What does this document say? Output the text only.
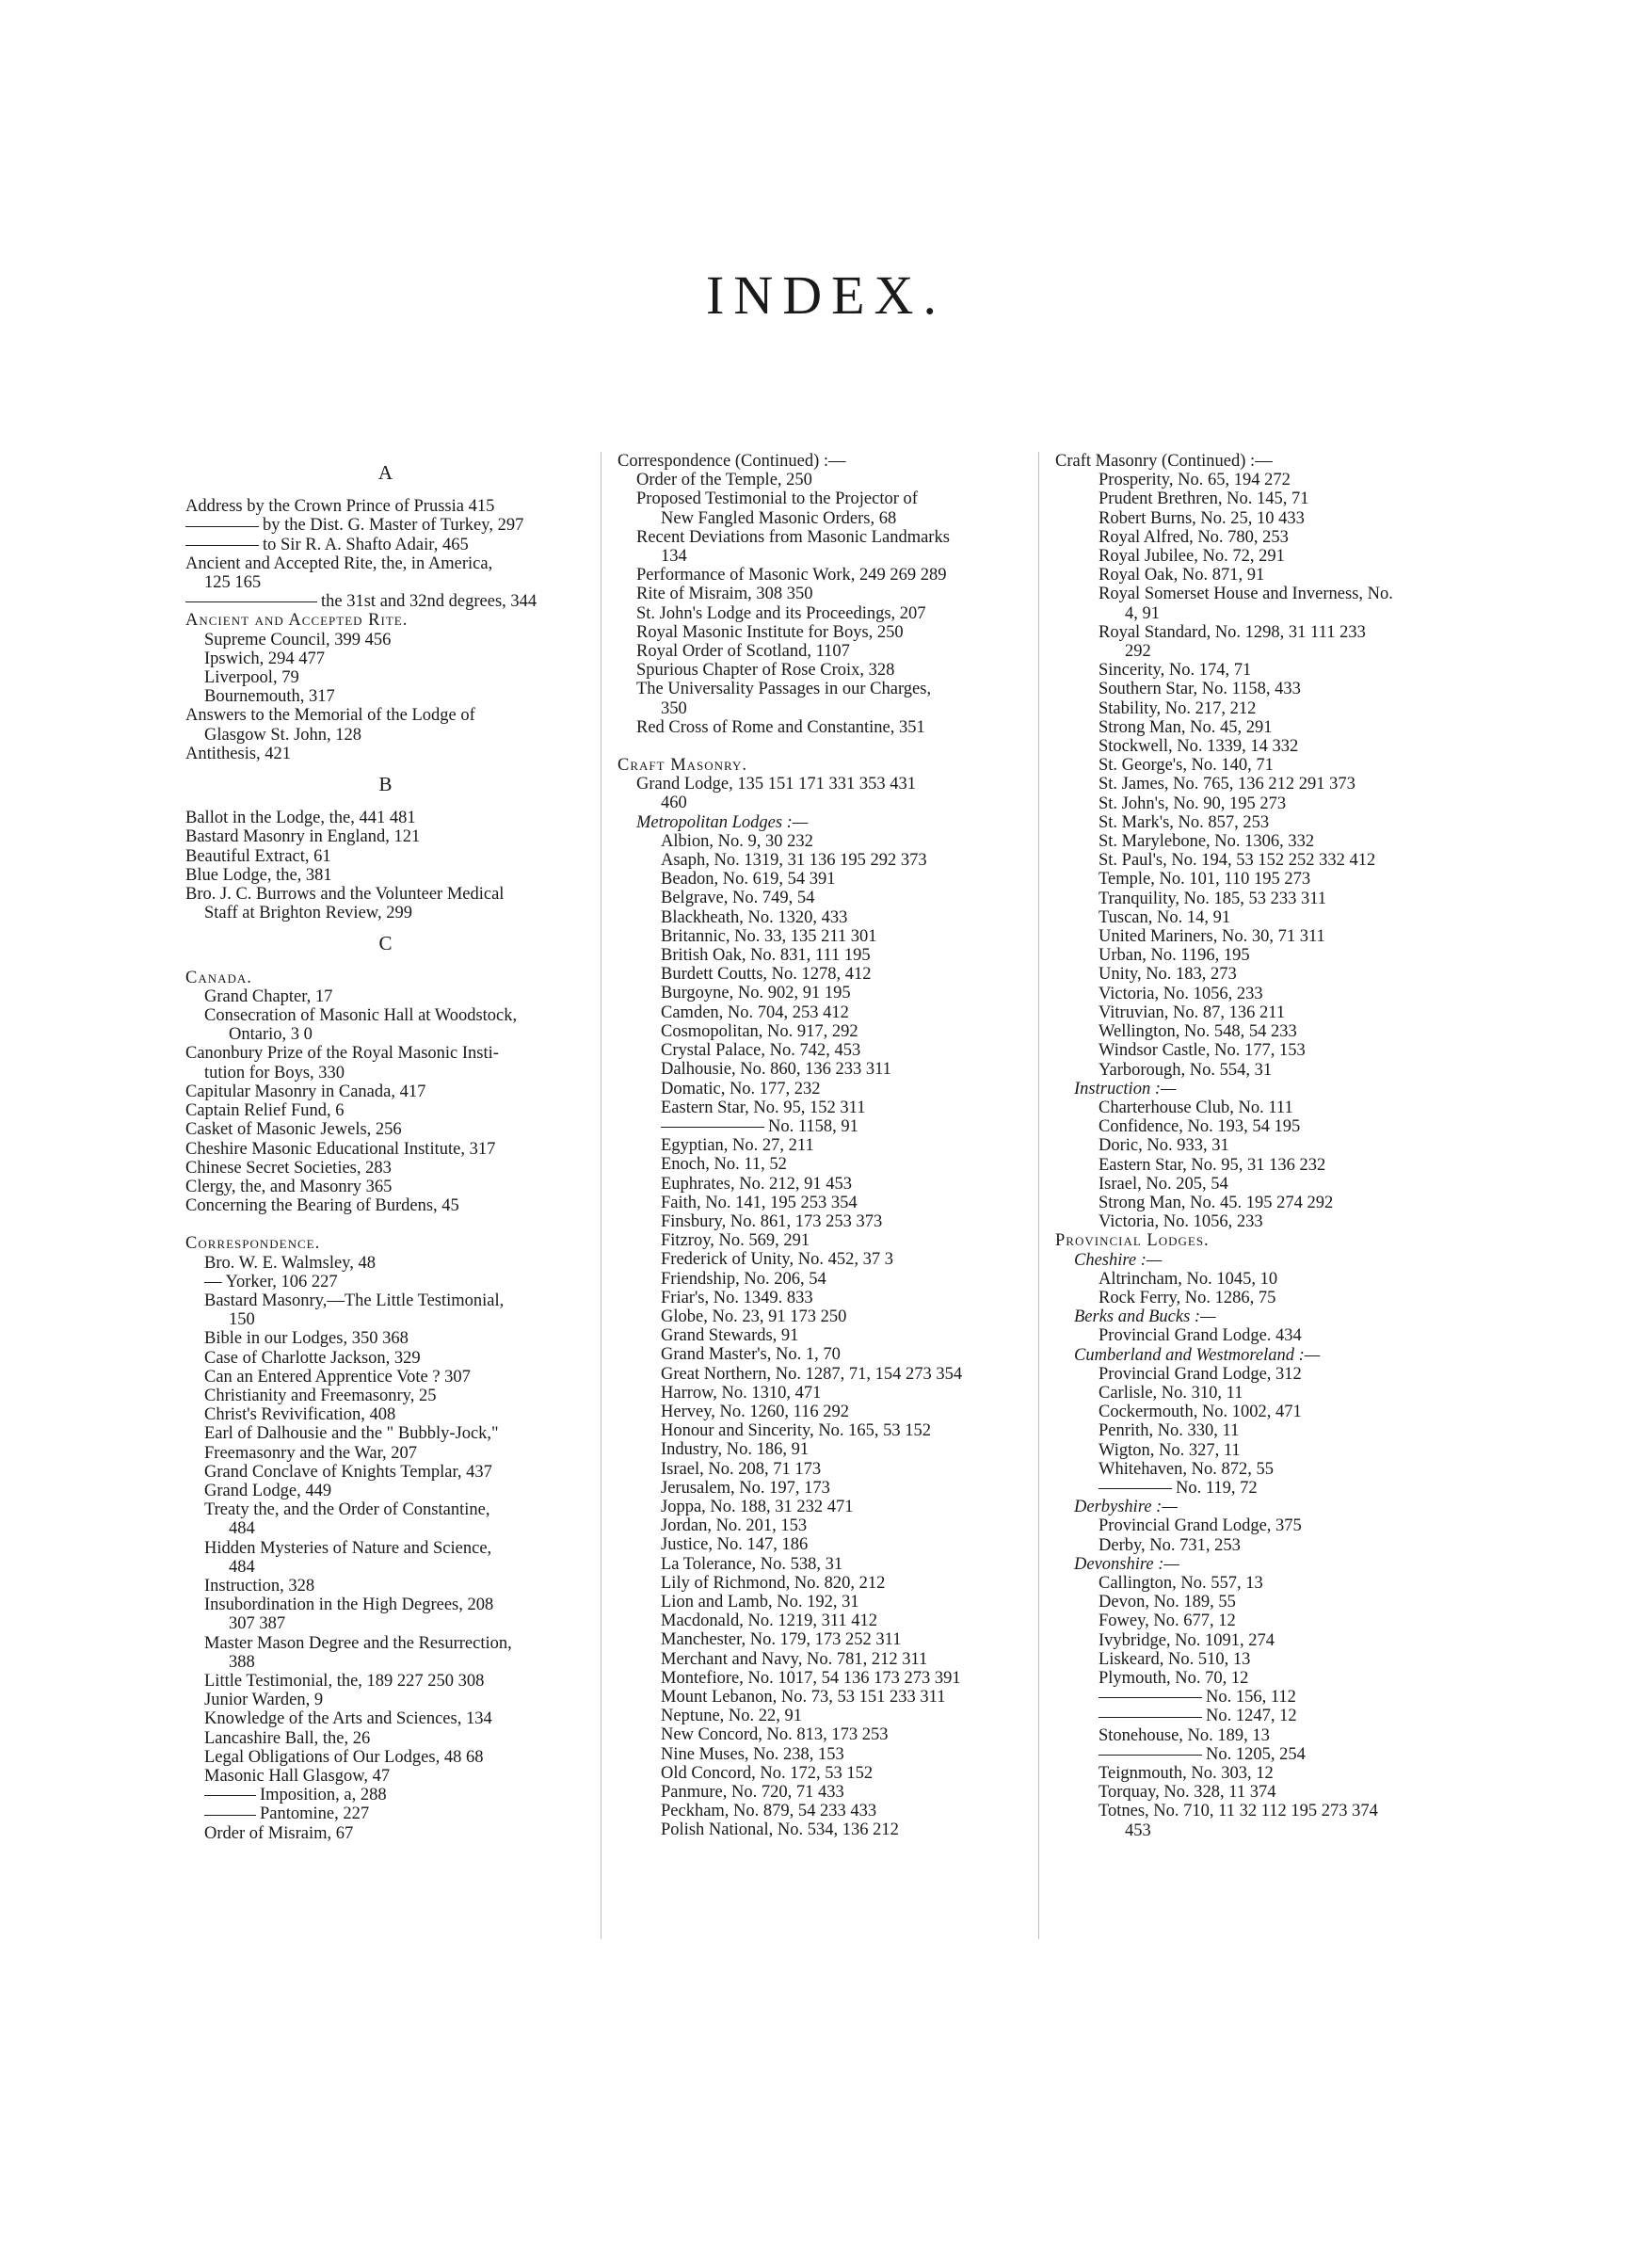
INDEX.
A
Address by the Crown Prince of Prussia 415
by the Dist. G. Master of Turkey, 297
to Sir R. A. Shafto Adair, 465
Ancient and Accepted Rite, the, in America,
125 165
the 31st and 32nd degrees, 344
Ancient and Accepted Rite.
Supreme Council, 399 456
Ipswich, 294 477
Liverpool, 79
Bournemouth, 317
Answers to the Memorial of the Lodge of
Glasgow St. John, 128
Antithesis, 421
B
Ballot in the Lodge, the, 441 481
Bastard Masonry in England, 121
Beautiful Extract, 61
Blue Lodge, the, 381
Bro. J. C. Burrows and the Volunteer Medical
Staff at Brighton Review, 299
C
Canada.
Grand Chapter, 17
Consecration of Masonic Hall at Woodstock,
Ontario, 3 0
Canonbury Prize of the Royal Masonic Insti-
tution for Boys, 330
Capitular Masonry in Canada, 417
Captain Relief Fund, 6
Casket of Masonic Jewels, 256
Cheshire Masonic Educational Institute, 317
Chinese Secret Societies, 283
Clergy, the, and Masonry 365
Concerning the Bearing of Burdens, 45
Correspondence.
Bro. W. E. Walmsley, 48
— Yorker, 106 227
Bastard Masonry,—The Little Testimonial,
150
Bible in our Lodges, 350 368
Case of Charlotte Jackson, 329
Can an Entered Apprentice Vote ? 307
Christianity and Freemasonry, 25
Christ's Revivification, 408
Earl of Dalhousie and the " Bubbly-Jock,"
Freemasonry and the War, 207
Grand Conclave of Knights Templar, 437
Grand Lodge, 449
Treaty the, and the Order of Constantine,
484
Hidden Mysteries of Nature and Science,
484
Instruction, 328
Insubordination in the High Degrees, 208
307 387
Master Mason Degree and the Resurrection,
388
Little Testimonial, the, 189 227 250 308
Junior Warden, 9
Knowledge of the Arts and Sciences, 134
Lancashire Ball, the, 26
Legal Obligations of Our Lodges, 48 68
Masonic Hall Glasgow, 47
Imposition, a, 288
Pantomine, 227
Order of Misraim, 67
Correspondence (Continued) :—
Order of the Temple, 250
Proposed Testimonial to the Projector of
New Fangled Masonic Orders, 68
Recent Deviations from Masonic Landmarks
134
Performance of Masonic Work, 249 269 289
Rite of Misraim, 308 350
St. John's Lodge and its Proceedings, 207
Royal Masonic Institute for Boys, 250
Royal Order of Scotland, 1107
Spurious Chapter of Rose Croix, 328
The Universality Passages in our Charges,
350
Red Cross of Rome and Constantine, 351
Craft Masonry.
Grand Lodge, 135 151 171 331 353 431
460
Metropolitan Lodges :—
Albion, No. 9, 30 232
Asaph, No. 1319, 31 136 195 292 373
Beadon, No. 619, 54 391
Belgrave, No. 749, 54
Blackheath, No. 1320, 433
Britannic, No. 33, 135 211 301
British Oak, No. 831, 111 195
Burdett Coutts, No. 1278, 412
Burgoyne, No. 902, 91 195
Camden, No. 704, 253 412
Cosmopolitan, No. 917, 292
Crystal Palace, No. 742, 453
Dalhousie, No. 860, 136 233 311
Domatic, No. 177, 232
Eastern Star, No. 95, 152 311
No. 1158, 91
Egyptian, No. 27, 211
Enoch, No. 11, 52
Euphrates, No. 212, 91 453
Faith, No. 141, 195 253 354
Finsbury, No. 861, 173 253 373
Fitzroy, No. 569, 291
Frederick of Unity, No. 452, 37 3
Friendship, No. 206, 54
Friar's, No. 1349. 833
Globe, No. 23, 91 173 250
Grand Stewards, 91
Grand Master's, No. 1, 70
Great Northern, No. 1287, 71, 154 273 354
Harrow, No. 1310, 471
Hervey, No. 1260, 116 292
Honour and Sincerity, No. 165, 53 152
Industry, No. 186, 91
Israel, No. 208, 71 173
Jerusalem, No. 197, 173
Joppa, No. 188, 31 232 471
Jordan, No. 201, 153
Justice, No. 147, 186
La Tolerance, No. 538, 31
Lily of Richmond, No. 820, 212
Lion and Lamb, No. 192, 31
Macdonald, No. 1219, 311 412
Manchester, No. 179, 173 252 311
Merchant and Navy, No. 781, 212 311
Montefiore, No. 1017, 54 136 173 273 391
Mount Lebanon, No. 73, 53 151 233 311
Neptune, No. 22, 91
New Concord, No. 813, 173 253
Nine Muses, No. 238, 153
Old Concord, No. 172, 53 152
Panmure, No. 720, 71 433
Peckham, No. 879, 54 233 433
Polish National, No. 534, 136 212
Craft Masonry (Continued) :—
Prosperity, No. 65, 194 272
Prudent Brethren, No. 145, 71
Robert Burns, No. 25, 10 433
Royal Alfred, No. 780, 253
Royal Jubilee, No. 72, 291
Royal Oak, No. 871, 91
Royal Somerset House and Inverness, No.
4, 91
Royal Standard, No. 1298, 31 111 233
292
Sincerity, No. 174, 71
Southern Star, No. 1158, 433
Stability, No. 217, 212
Strong Man, No. 45, 291
Stockwell, No. 1339, 14 332
St. George's, No. 140, 71
St. James, No. 765, 136 212 291 373
St. John's, No. 90, 195 273
St. Mark's, No. 857, 253
St. Marylebone, No. 1306, 332
St. Paul's, No. 194, 53 152 252 332 412
Temple, No. 101, 110 195 273
Tranquility, No. 185, 53 233 311
Tuscan, No. 14, 91
United Mariners, No. 30, 71 311
Urban, No. 1196, 195
Unity, No. 183, 273
Victoria, No. 1056, 233
Vitruvian, No. 87, 136 211
Wellington, No. 548, 54 233
Windsor Castle, No. 177, 153
Yarborough, No. 554, 31
Instruction :—
Charterhouse Club, No. 111
Confidence, No. 193, 54 195
Doric, No. 933, 31
Eastern Star, No. 95, 31 136 232
Israel, No. 205, 54
Strong Man, No. 45. 195 274 292
Victoria, No. 1056, 233
Provincial Lodges.
Cheshire :—
Altrincham, No. 1045, 10
Rock Ferry, No. 1286, 75
Berks and Bucks :—
Provincial Grand Lodge. 434
Cumberland and Westmoreland :—
Provincial Grand Lodge, 312
Carlisle, No. 310, 11
Cockermouth, No. 1002, 471
Penrith, No. 330, 11
Wigton, No. 327, 11
Whitehaven, No. 872, 55
No. 119, 72
Derbyshire :—
Provincial Grand Lodge, 375
Derby, No. 731, 253
Devonshire :—
Callington, No. 557, 13
Devon, No. 189, 55
Fowey, No. 677, 12
Ivybridge, No. 1091, 274
Liskeard, No. 510, 13
Plymouth, No. 70, 12
No. 156, 112
No. 1247, 12
Stonehouse, No. 189, 13
No. 1205, 254
Teignmouth, No. 303, 12
Torquay, No. 328, 11 374
Totnes, No. 710, 11 32 112 195 273 374
453
